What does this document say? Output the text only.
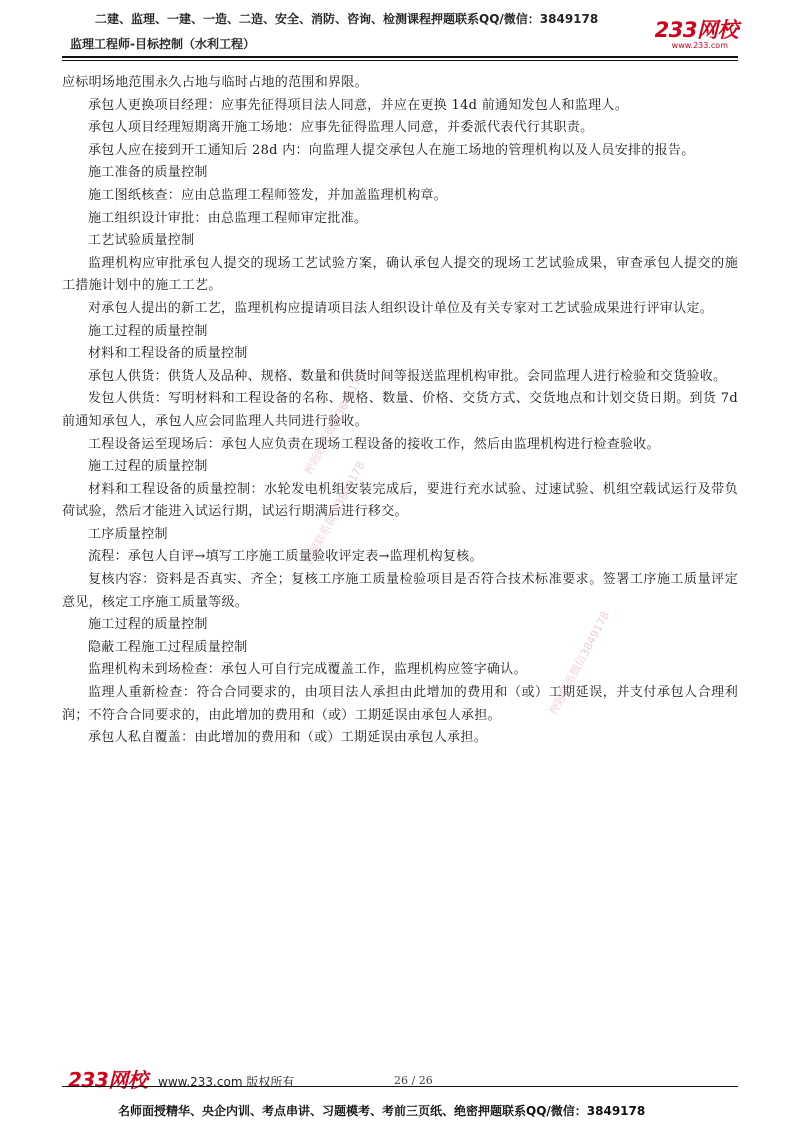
二建、监理、一建、一造、二造、安全、消防、咨询、检测课程押题联系QQ/微信：3849178
监理工程师-目标控制（水利工程）
233网校
www.233.com

应标明场地范围永久占地与临时占地的范围和界限。

承包人更换项目经理：应事先征得项目法人同意，并应在更换 14d 前通知发包人和监理人。

承包人项目经理短期离开施工场地：应事先征得监理人同意，并委派代表代行其职责。

承包人应在接到开工通知后 28d 内：向监理人提交承包人在施工场地的管理机构以及人员安排的报告。

施工准备的质量控制

施工图纸核查：应由总监理工程师签发，并加盖监理机构章。

施工组织设计审批：由总监理工程师审定批准。

工艺试验质量控制

监理机构应审批承包人提交的现场工艺试验方案，确认承包人提交的现场工艺试验成果，审查承包人提交的施工措施计划中的施工工艺。

对承包人提出的新工艺，监理机构应提请项目法人组织设计单位及有关专家对工艺试验成果进行评审认定。

施工过程的质量控制

材料和工程设备的质量控制

承包人供货：供货人及品种、规格、数量和供货时间等报送监理机构审批。会同监理人进行检验和交货验收。

发包人供货：写明材料和工程设备的名称、规格、数量、价格、交货方式、交货地点和计划交货日期。到货 7d 前通知承包人，承包人应会同监理人共同进行验收。

工程设备运至现场后：承包人应负责在现场工程设备的接收工作，然后由监理机构进行检查验收。

施工过程的质量控制

材料和工程设备的质量控制：水轮发电机组安装完成后，要进行充水试验、过速试验、机组空载试运行及带负荷试验，然后才能进入试运行期，试运行期满后进行移交。

工序质量控制

流程：承包人自评→填写工序施工质量验收评定表→监理机构复核。

复核内容：资料是否真实、齐全；复核工序施工质量检验项目是否符合技术标准要求。签署工序施工质量评定意见，核定工序施工质量等级。

施工过程的质量控制

隐蔽工程施工过程质量控制

监理机构未到场检查：承包人可自行完成覆盖工作，监理机构应签字确认。

监理人重新检查：符合合同要求的，由项目法人承担由此增加的费用和（或）工期延误，并支付承包人合理利润；不符合合同要求的，由此增加的费用和（或）工期延误由承包人承担。

承包人私自覆盖：由此增加的费用和（或）工期延误由承包人承担。

押题联系微信3849178
押题联系微信3849178
押题联系微信3849178
233网校 www.233.com 版权所有	26 / 26
名师面授精华、央企内训、考点串讲、习题模考、考前三页纸、绝密押题联系QQ/微信：3849178
